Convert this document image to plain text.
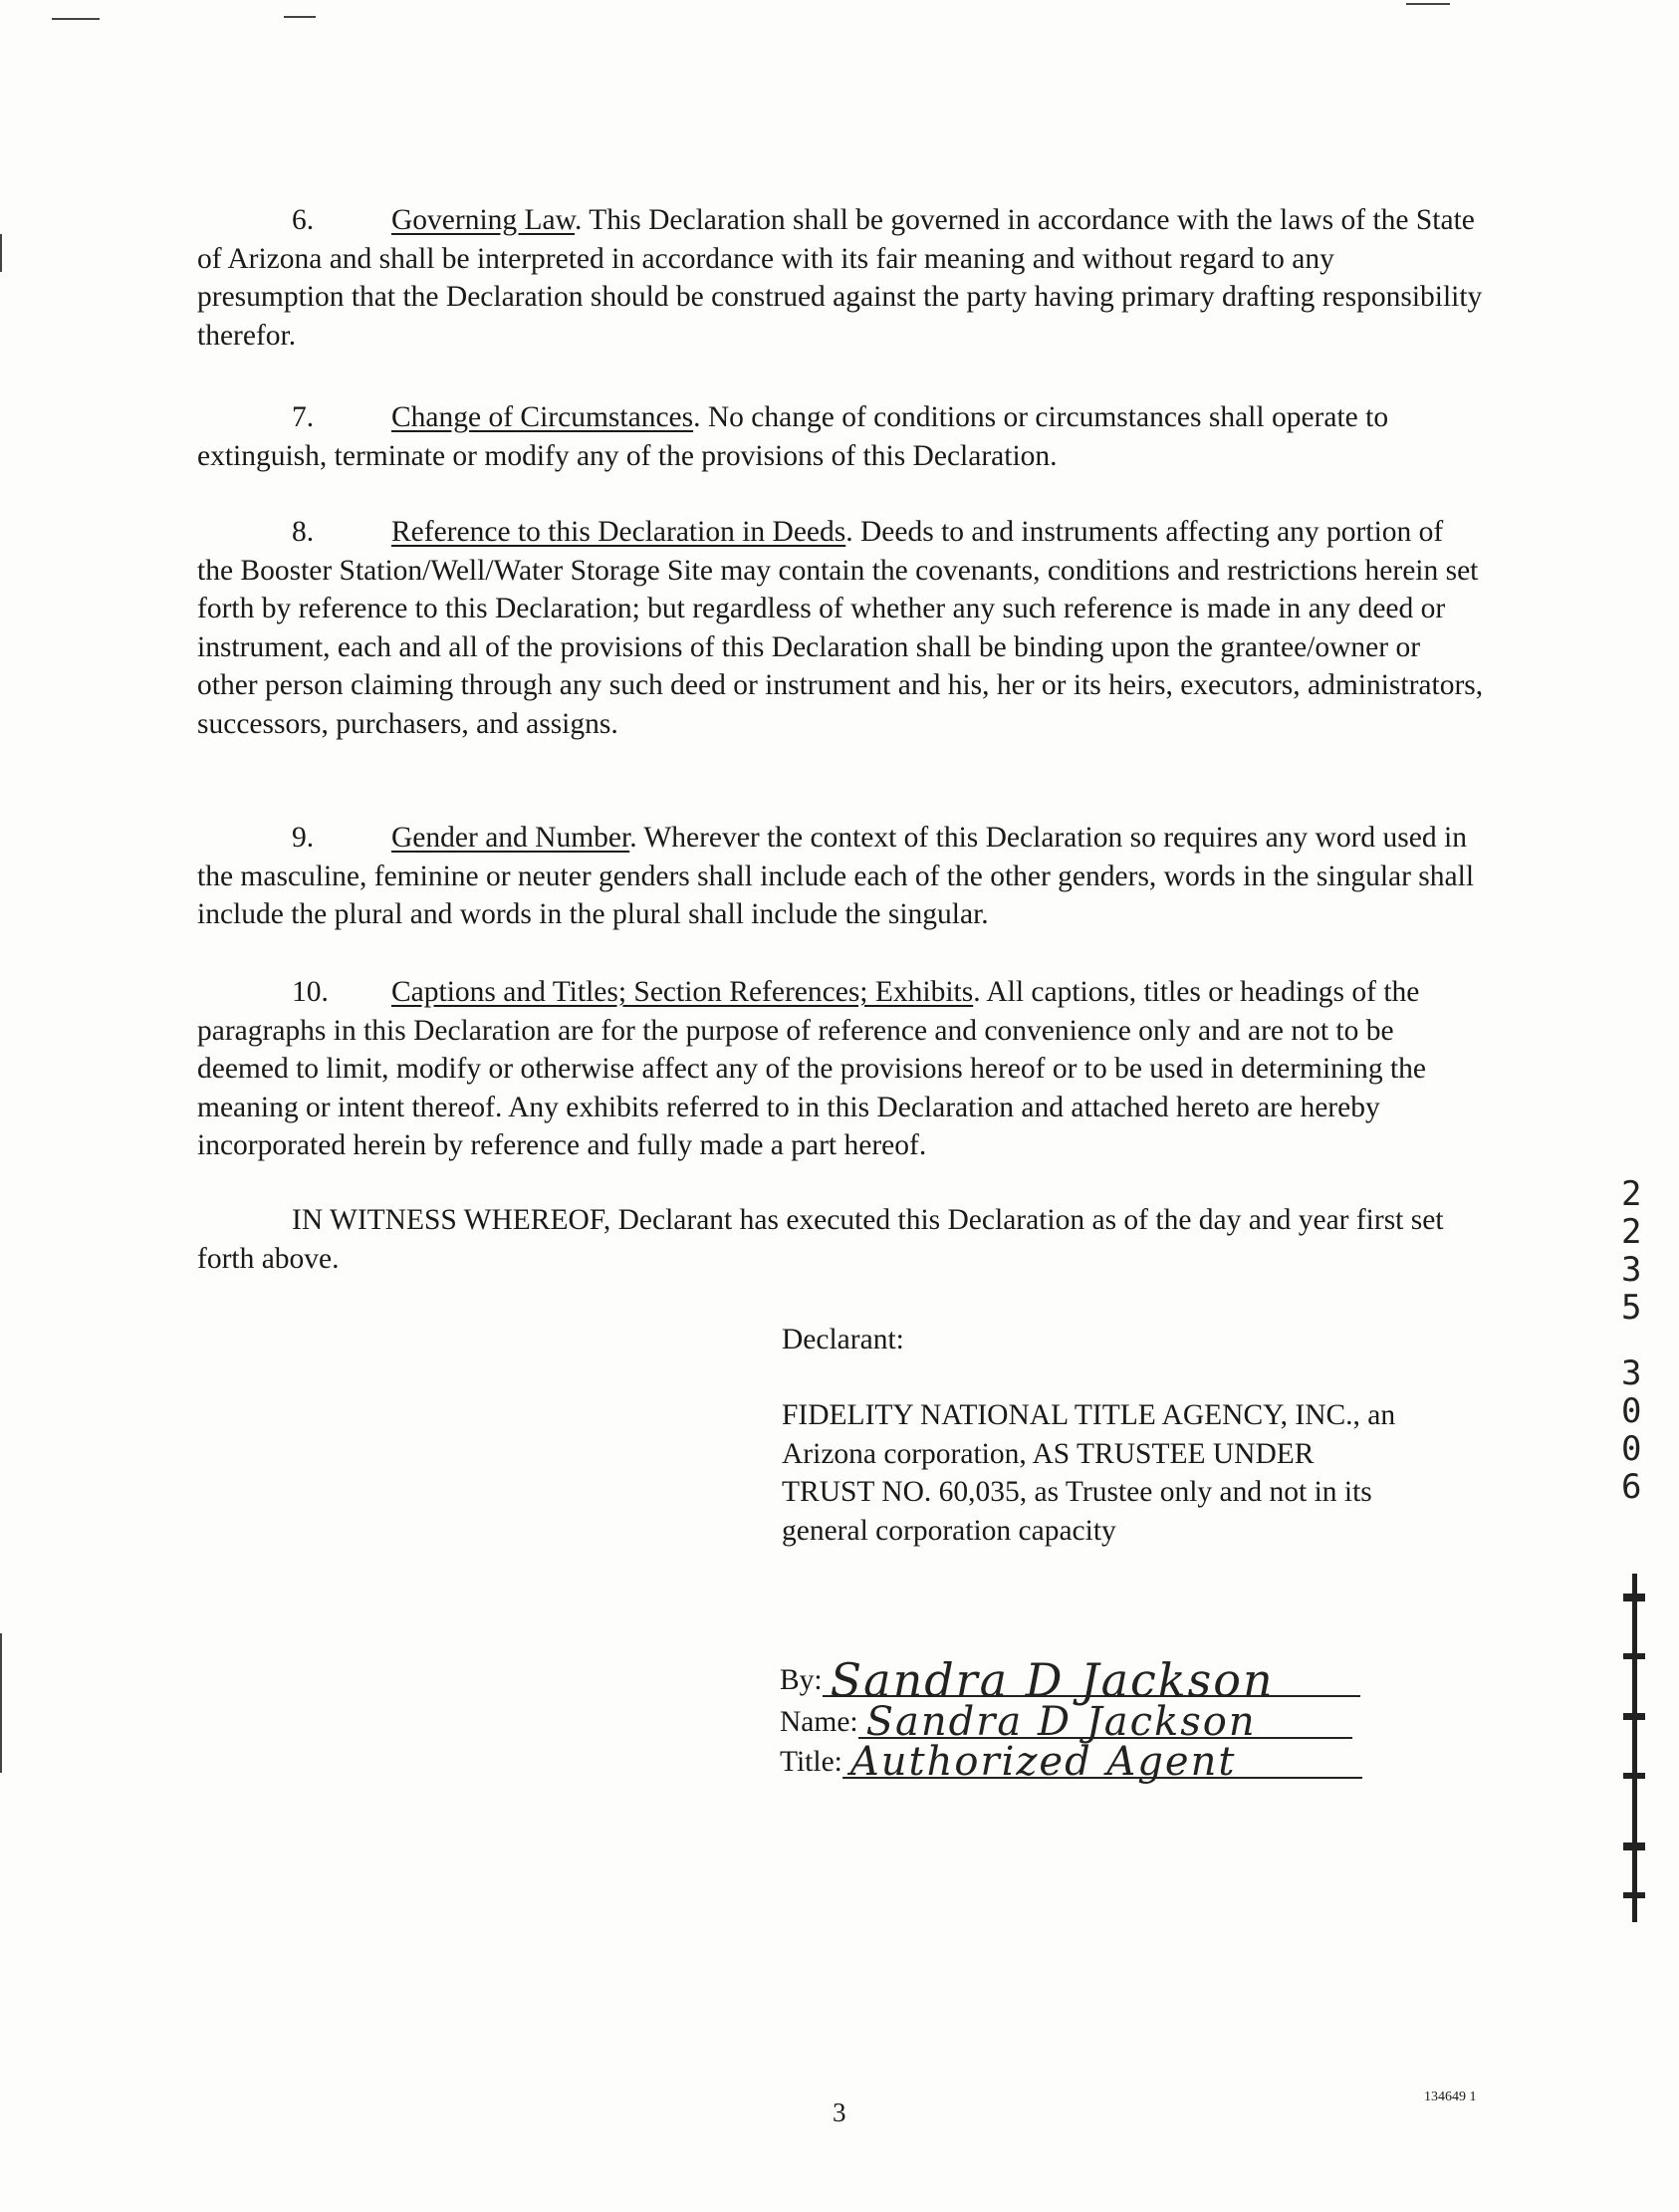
6.	Governing Law. This Declaration shall be governed in accordance with the laws of the State of Arizona and shall be interpreted in accordance with its fair meaning and without regard to any presumption that the Declaration should be construed against the party having primary drafting responsibility therefor.
7.	Change of Circumstances. No change of conditions or circumstances shall operate to extinguish, terminate or modify any of the provisions of this Declaration.
8.	Reference to this Declaration in Deeds. Deeds to and instruments affecting any portion of the Booster Station/Well/Water Storage Site may contain the covenants, conditions and restrictions herein set forth by reference to this Declaration; but regardless of whether any such reference is made in any deed or instrument, each and all of the provisions of this Declaration shall be binding upon the grantee/owner or other person claiming through any such deed or instrument and his, her or its heirs, executors, administrators, successors, purchasers, and assigns.
9.	Gender and Number. Wherever the context of this Declaration so requires any word used in the masculine, feminine or neuter genders shall include each of the other genders, words in the singular shall include the plural and words in the plural shall include the singular.
10. Captions and Titles; Section References; Exhibits. All captions, titles or headings of the paragraphs in this Declaration are for the purpose of reference and convenience only and are not to be deemed to limit, modify or otherwise affect any of the provisions hereof or to be used in determining the meaning or intent thereof. Any exhibits referred to in this Declaration and attached hereto are hereby incorporated herein by reference and fully made a part hereof.
IN WITNESS WHEREOF, Declarant has executed this Declaration as of the day and year first set forth above.
Declarant:
FIDELITY NATIONAL TITLE AGENCY, INC., an
Arizona corporation, AS TRUSTEE UNDER
TRUST NO. 60,035, as Trustee only and not in its
general corporation capacity
By: Sandra D Jackson
Name: Sandra D Jackson
Title: Authorized Agent
2
2
3
5
3
0
0
6
3
134649 1
